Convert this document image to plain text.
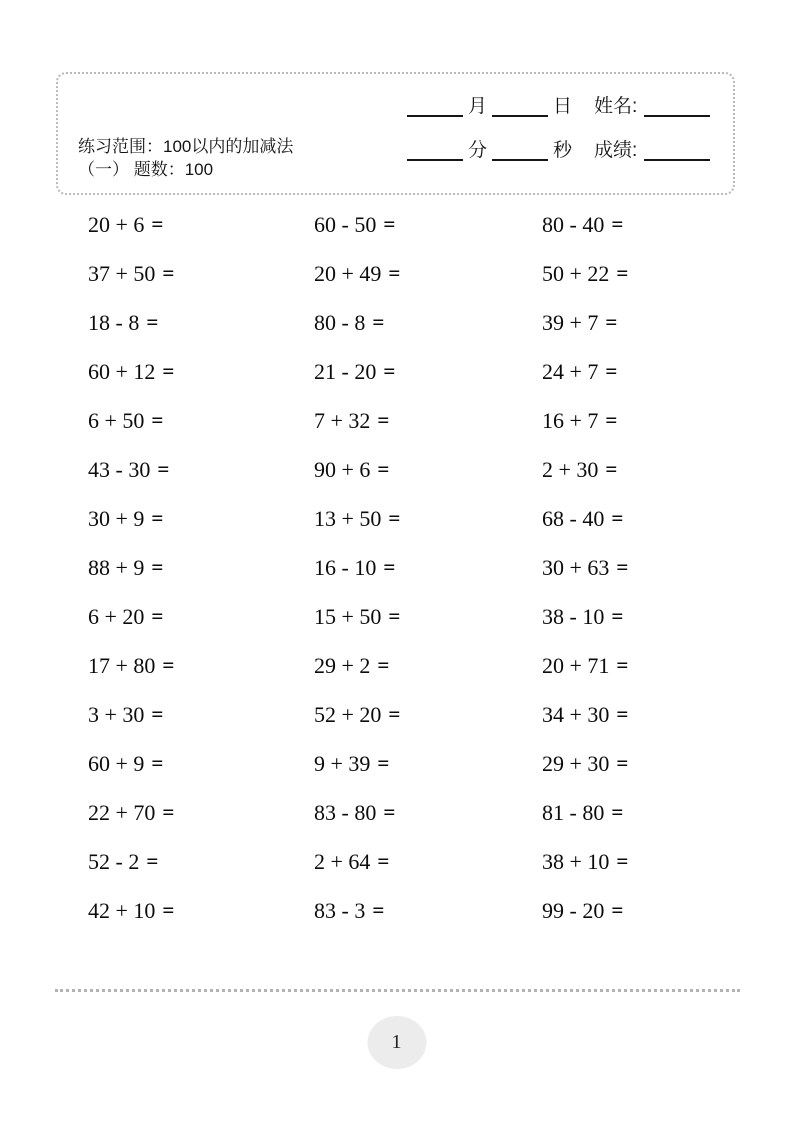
练习范围：100以内的加减法
（一） 题数：100
月	日 姓名:
分	秒 成绩:
20 + 6 =	60 - 50 =	80 - 40 =
37 + 50 =	20 + 49 =	50 + 22 =
18 - 8 =	80 - 8 =	39 + 7 =
60 + 12 =	21 - 20 =	24 + 7 =
6 + 50 =	7 + 32 =	16 + 7 =
43 - 30 =	90 + 6 =	2 + 30 =
30 + 9 =	13 + 50 =	68 - 40 =
88 + 9 =	16 - 10 =	30 + 63 =
6 + 20 =	15 + 50 =	38 - 10 =
17 + 80 =	29 + 2 =	20 + 71 =
3 + 30 =	52 + 20 =	34 + 30 =
60 + 9 =	9 + 39 =	29 + 30 =
22 + 70 =	83 - 80 =	81 - 80 =
52 - 2 =	2 + 64 =	38 + 10 =
42 + 10 =	83 - 3 =	99 - 20 =
1
